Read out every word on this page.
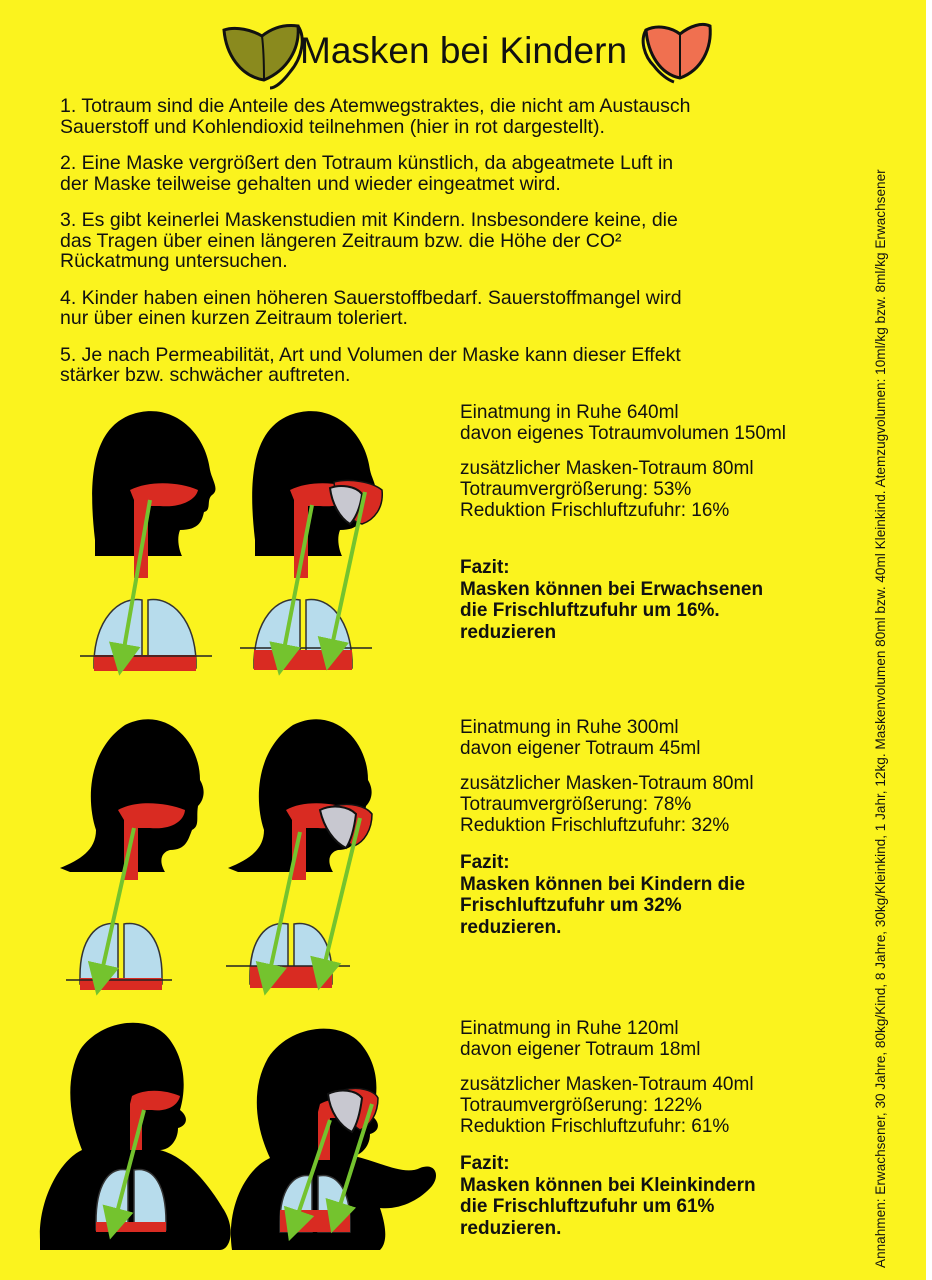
Masken bei Kindern

1. Totraum sind die Anteile des Atemwegstraktes, die nicht am Austausch
Sauerstoff und Kohlendioxid teilnehmen (hier in rot dargestellt).

2. Eine Maske vergrößert den Totraum künstlich, da abgeatmete Luft in
der Maske teilweise gehalten und wieder eingeatmet wird.

3. Es gibt keinerlei Maskenstudien mit Kindern. Insbesondere keine, die
das Tragen über einen längeren Zeitraum bzw. die Höhe der CO²
Rückatmung untersuchen.

4. Kinder haben einen höheren Sauerstoffbedarf. Sauerstoffmangel wird
nur über einen kurzen Zeitraum toleriert.

5. Je nach Permeabilität, Art und Volumen der Maske kann dieser Effekt
stärker bzw. schwächer auftreten.

Einatmung in Ruhe 640ml
davon eigenes Totraumvolumen 150ml
zusätzlicher Masken-Totraum 80ml
Totraumvergrößerung: 53%
Reduktion Frischluftzufuhr: 16%
Fazit:
Masken können bei Erwachsenen
die Frischluftzufuhr um 16%.
reduzieren
Einatmung in Ruhe 300ml
davon eigener Totraum 45ml
zusätzlicher Masken-Totraum 80ml
Totraumvergrößerung: 78%
Reduktion Frischluftzufuhr: 32%
Fazit:
Masken können bei Kindern die
Frischluftzufuhr um 32%
reduzieren.
Einatmung in Ruhe 120ml
davon eigener Totraum 18ml
zusätzlicher Masken-Totraum 40ml
Totraumvergrößerung: 122%
Reduktion Frischluftzufuhr: 61%
Fazit:
Masken können bei Kleinkindern
die Frischluftzufuhr um 61%
reduzieren.	Annahmen: Erwachsener, 30 Jahre, 80kg/Kind, 8 Jahre, 30kg/Kleinkind, 1 Jahr, 12kg. Maskenvolumen 80ml bzw. 40ml Kleinkind. Atemzugvolumen: 10ml/kg bzw. 8ml/kg Erwachsener
